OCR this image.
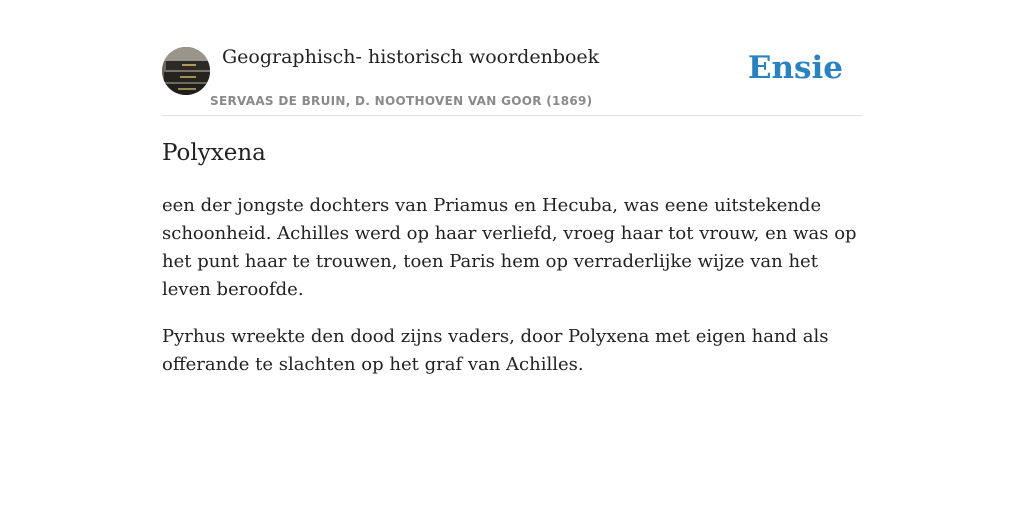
Geographisch- historisch woordenboek
SERVAAS DE BRUIN, D. NOOTHOVEN VAN GOOR (1869)
Ensie
Polyxena

een der jongste dochters van Priamus en Hecuba, was eene uitstekende schoonheid. Achilles werd op haar verliefd, vroeg haar tot vrouw, en was op het punt haar te trouwen, toen Paris hem op verraderlijke wijze van het leven beroofde.

Pyrhus wreekte den dood zijns vaders, door Polyxena met eigen hand als offerande te slachten op het graf van Achilles.
